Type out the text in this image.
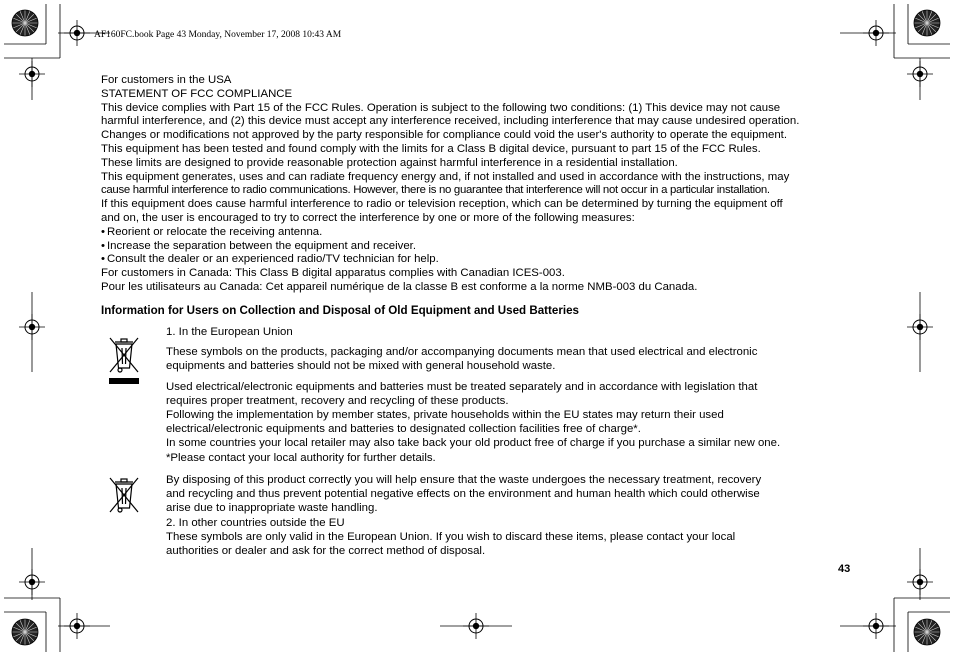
AF160FC.book Page 43 Monday, November 17, 2008 10:43 AM

For customers in the USA

STATEMENT OF FCC COMPLIANCE

This device complies with Part 15 of the FCC Rules. Operation is subject to the following two conditions: (1) This device may not cause

harmful interference, and (2) this device must accept any interference received, including interference that may cause undesired operation.

Changes or modifications not approved by the party responsible for compliance could void the user's authority to operate the equipment.

This equipment has been tested and found comply with the limits for a Class B digital device, pursuant to part 15 of the FCC Rules.

These limits are designed to provide reasonable protection against harmful interference in a residential installation.

This equipment generates, uses and can radiate frequency energy and, if not installed and used in accordance with the instructions, may

cause harmful interference to radio communications. However, there is no guarantee that interference will not occur in a particular installation.

If this equipment does cause harmful interference to radio or television reception, which can be determined by turning the equipment off

and on, the user is encouraged to try to correct the interference by one or more of the following measures:

• Reorient or relocate the receiving antenna.

• Increase the separation between the equipment and receiver.

• Consult the dealer or an experienced radio/TV technician for help.

For customers in Canada: This Class B digital apparatus complies with Canadian ICES-003.

Pour les utilisateurs au Canada: Cet appareil numérique de la classe B est conforme a la norme NMB-003 du Canada.

Information for Users on Collection and Disposal of Old Equipment and Used Batteries

1. In the European Union

These symbols on the products, packaging and/or accompanying documents mean that used electrical and electronic

equipments and batteries should not be mixed with general household waste.

Used electrical/electronic equipments and batteries must be treated separately and in accordance with legislation that

requires proper treatment, recovery and recycling of these products.

Following the implementation by member states, private households within the EU states may return their used

electrical/electronic equipments and batteries to designated collection facilities free of charge*.

In some countries your local retailer may also take back your old product free of charge if you purchase a similar new one.

*Please contact your local authority for further details.

By disposing of this product correctly you will help ensure that the waste undergoes the necessary treatment, recovery

and recycling and thus prevent potential negative effects on the environment and human health which could otherwise

arise due to inappropriate waste handling.

2. In other countries outside the EU

These symbols are only valid in the European Union. If you wish to discard these items, please contact your local

authorities or dealer and ask for the correct method of disposal.

43
